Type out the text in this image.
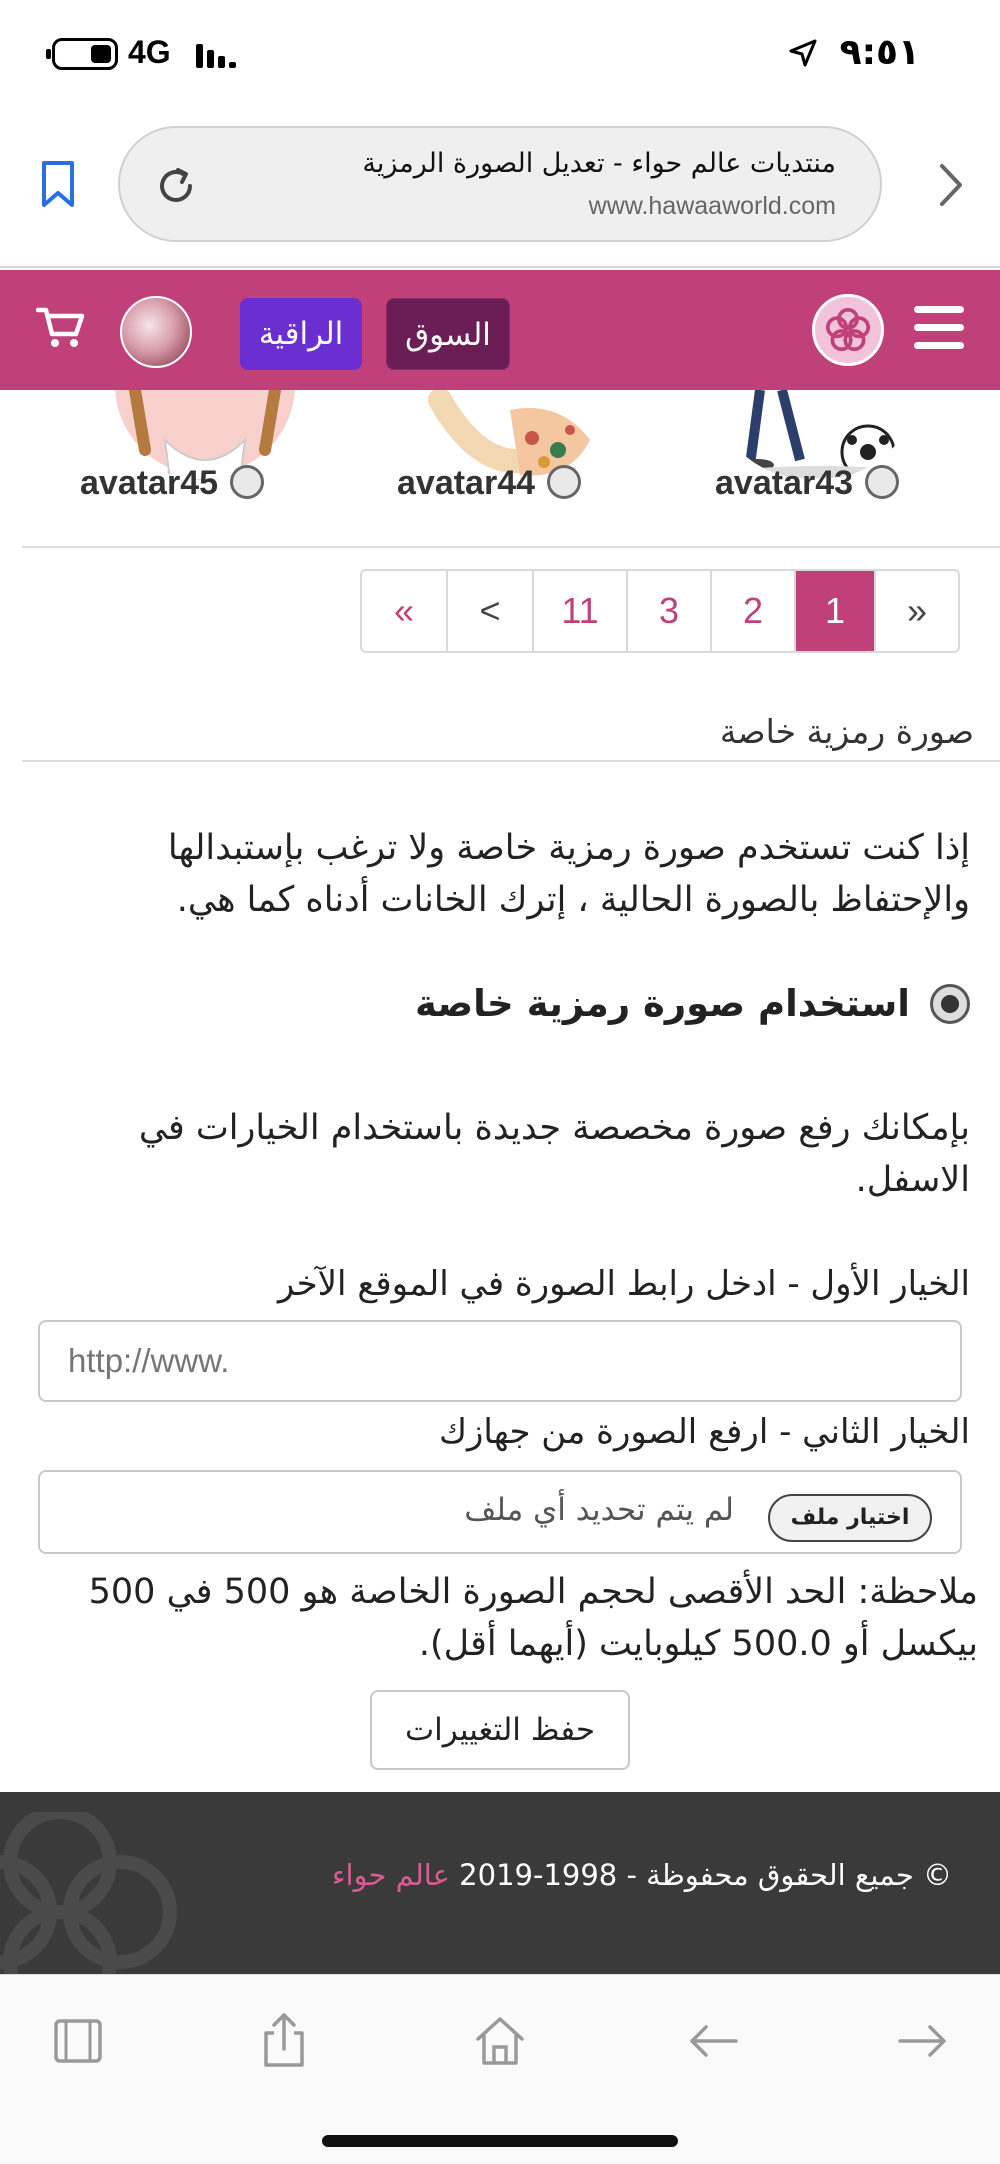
4G	٩:٥١
منتديات عالم حواء - تعديل الصورة الرمزية
www.hawaaworld.com
السوق
الراقية
avatar43
avatar44
avatar45
«	<	11	3	2	1	»
صورة رمزية خاصة
إذا كنت تستخدم صورة رمزية خاصة ولا ترغب بإستبدالها والإحتفاظ بالصورة الحالية ، إترك الخانات أدناه كما هي.
استخدام صورة رمزية خاصة
بإمكانك رفع صورة مخصصة جديدة باستخدام الخيارات في الاسفل.
الخيار الأول - ادخل رابط الصورة في الموقع الآخر
http://www.
الخيار الثاني - ارفع الصورة من جهازك
اختيار ملف
لم يتم تحديد أي ملف
ملاحظة: الحد الأقصى لحجم الصورة الخاصة هو 500 في 500 بيكسل أو 500.0 كيلوبايت (أيهما أقل).
حفظ التغييرات
© جميع الحقوق محفوظة - 1998-2019 عالم حواء
